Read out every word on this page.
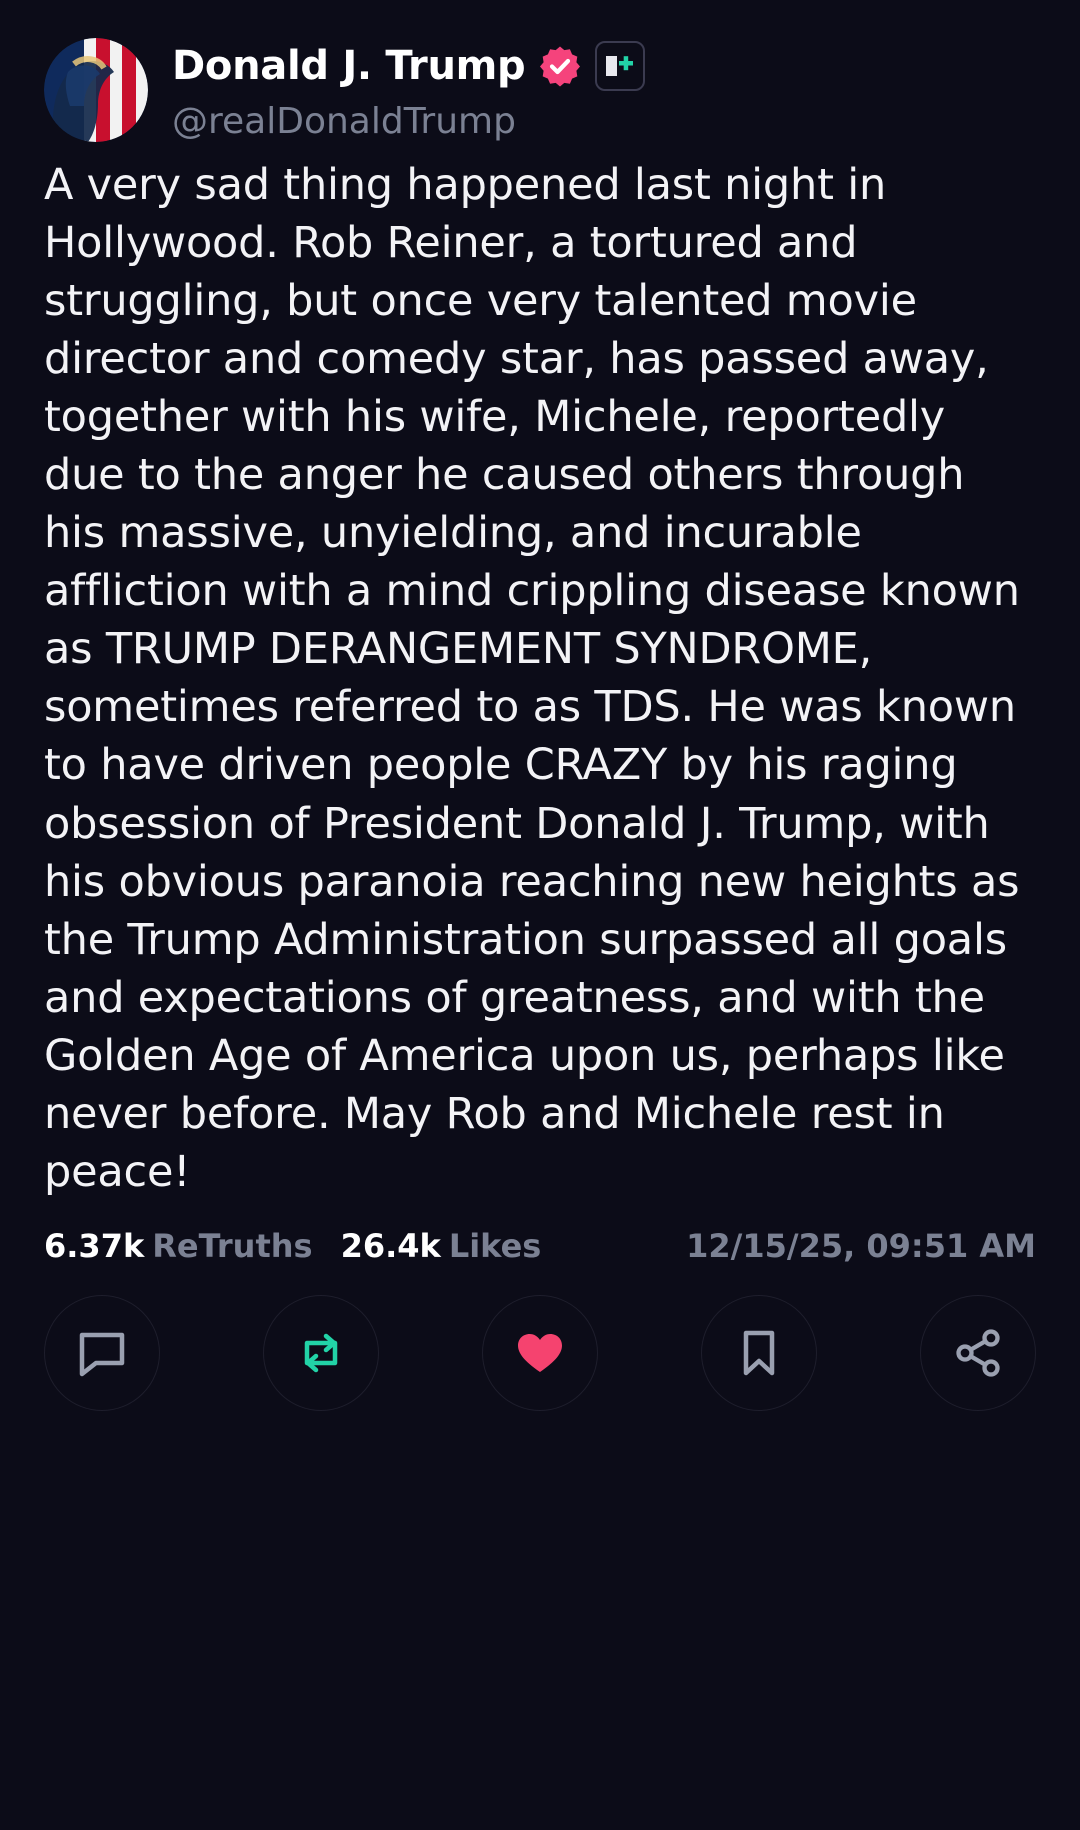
Donald J. Trump
@realDonaldTrump
A very sad thing happened last night in Hollywood. Rob Reiner, a tortured and struggling, but once very talented movie director and comedy star, has passed away, together with his wife, Michele, reportedly due to the anger he caused others through his massive, unyielding, and incurable affliction with a mind crippling disease known as TRUMP DERANGEMENT SYNDROME, sometimes referred to as TDS. He was known to have driven people CRAZY by his raging obsession of President Donald J. Trump, with his obvious paranoia reaching new heights as the Trump Administration surpassed all goals and expectations of greatness, and with the Golden Age of America upon us, perhaps like never before. May Rob and Michele rest in peace!
6.37k ReTruths 26.4k Likes	12/15/25, 09:51 AM
